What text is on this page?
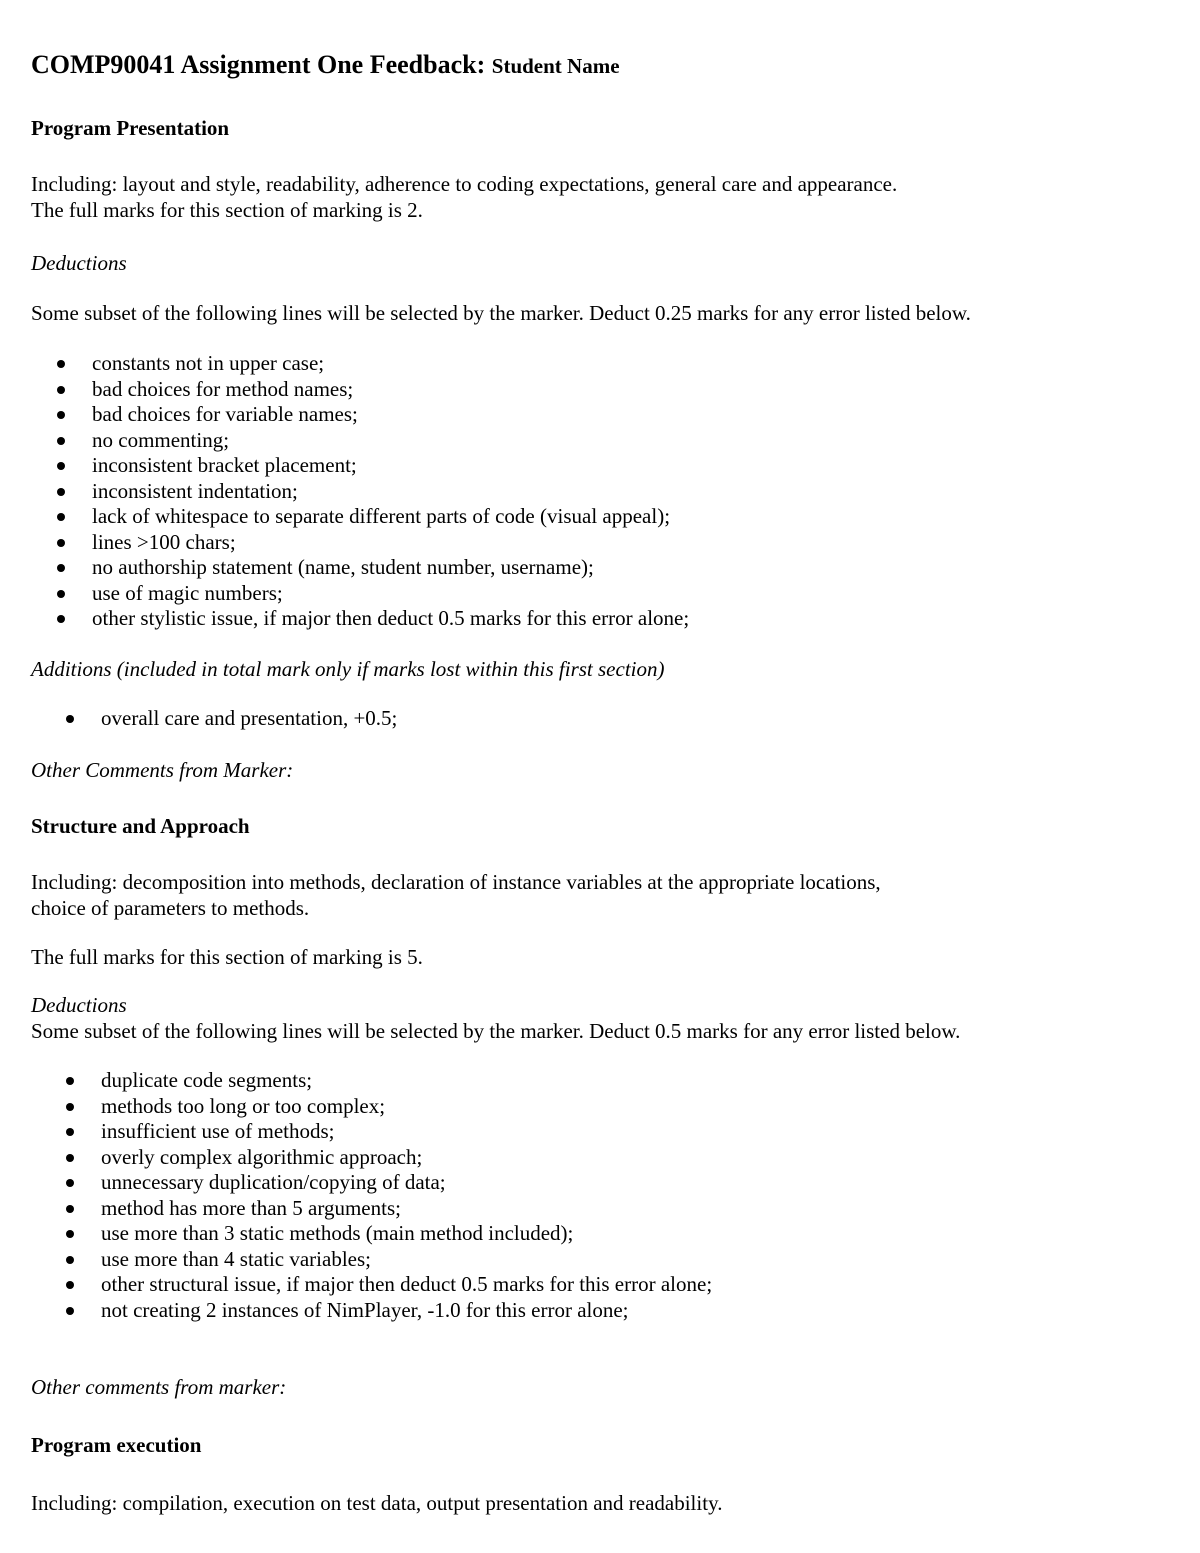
COMP90041 Assignment One Feedback: Student Name
Program Presentation
Including: layout and style, readability, adherence to coding expectations, general care and appearance.
The full marks for this section of marking is 2.
Deductions
Some subset of the following lines will be selected by the marker. Deduct 0.25 marks for any error listed below.
constants not in upper case;
bad choices for method names;
bad choices for variable names;
no commenting;
inconsistent bracket placement;
inconsistent indentation;
lack of whitespace to separate different parts of code (visual appeal);
lines >100 chars;
no authorship statement (name, student number, username);
use of magic numbers;
other stylistic issue, if major then deduct 0.5 marks for this error alone;
Additions (included in total mark only if marks lost within this first section)
overall care and presentation, +0.5;
Other Comments from Marker:
Structure and Approach
Including: decomposition into methods, declaration of instance variables at the appropriate locations,
choice of parameters to methods.
The full marks for this section of marking is 5.
Deductions
Some subset of the following lines will be selected by the marker. Deduct 0.5 marks for any error listed below.
duplicate code segments;
methods too long or too complex;
insufficient use of methods;
overly complex algorithmic approach;
unnecessary duplication/copying of data;
method has more than 5 arguments;
use more than 3 static methods (main method included);
use more than 4 static variables;
other structural issue, if major then deduct 0.5 marks for this error alone;
not creating 2 instances of NimPlayer, -1.0 for this error alone;
Other comments from marker:
Program execution
Including: compilation, execution on test data, output presentation and readability.
